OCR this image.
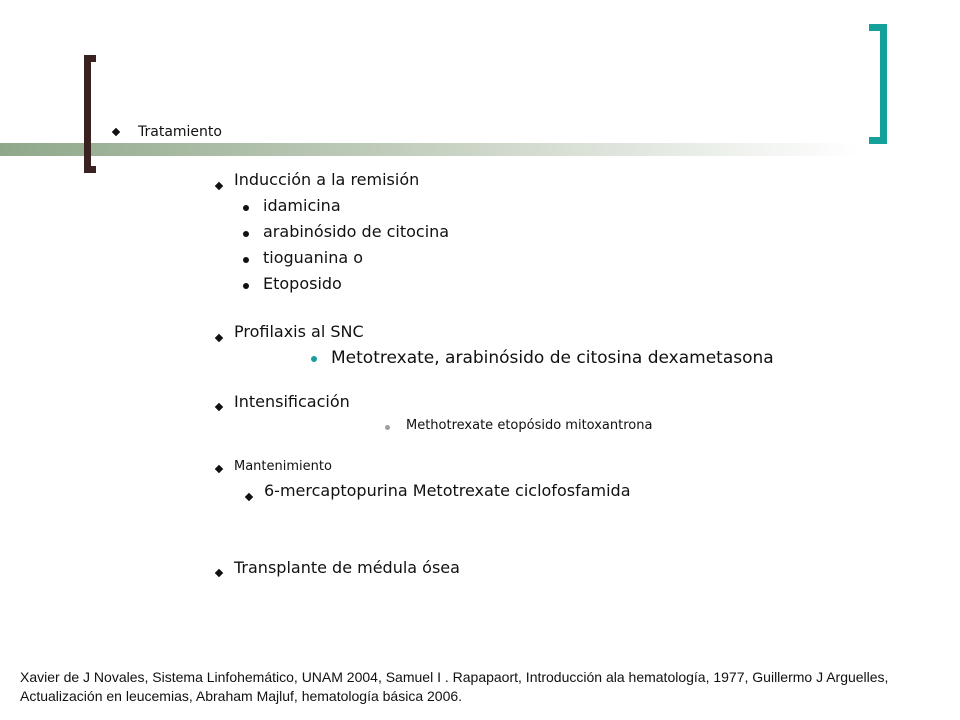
Tratamiento
Inducción a la remisión
idamicina
arabinósido de citocina
tioguanina o
Etoposido
Profilaxis al SNC
Metotrexate, arabinósido de citosina dexametasona
Intensificación
Methotrexate etopósido mitoxantrona
Mantenimiento
6-mercaptopurina Metotrexate ciclofosfamida
Transplante de médula ósea
Xavier de J Novales, Sistema Linfohemático, UNAM 2004, Samuel I . Rapapaort, Introducción ala hematología, 1977, Guillermo J Arguelles, Actualización en leucemias, Abraham Majluf, hematología básica 2006.
